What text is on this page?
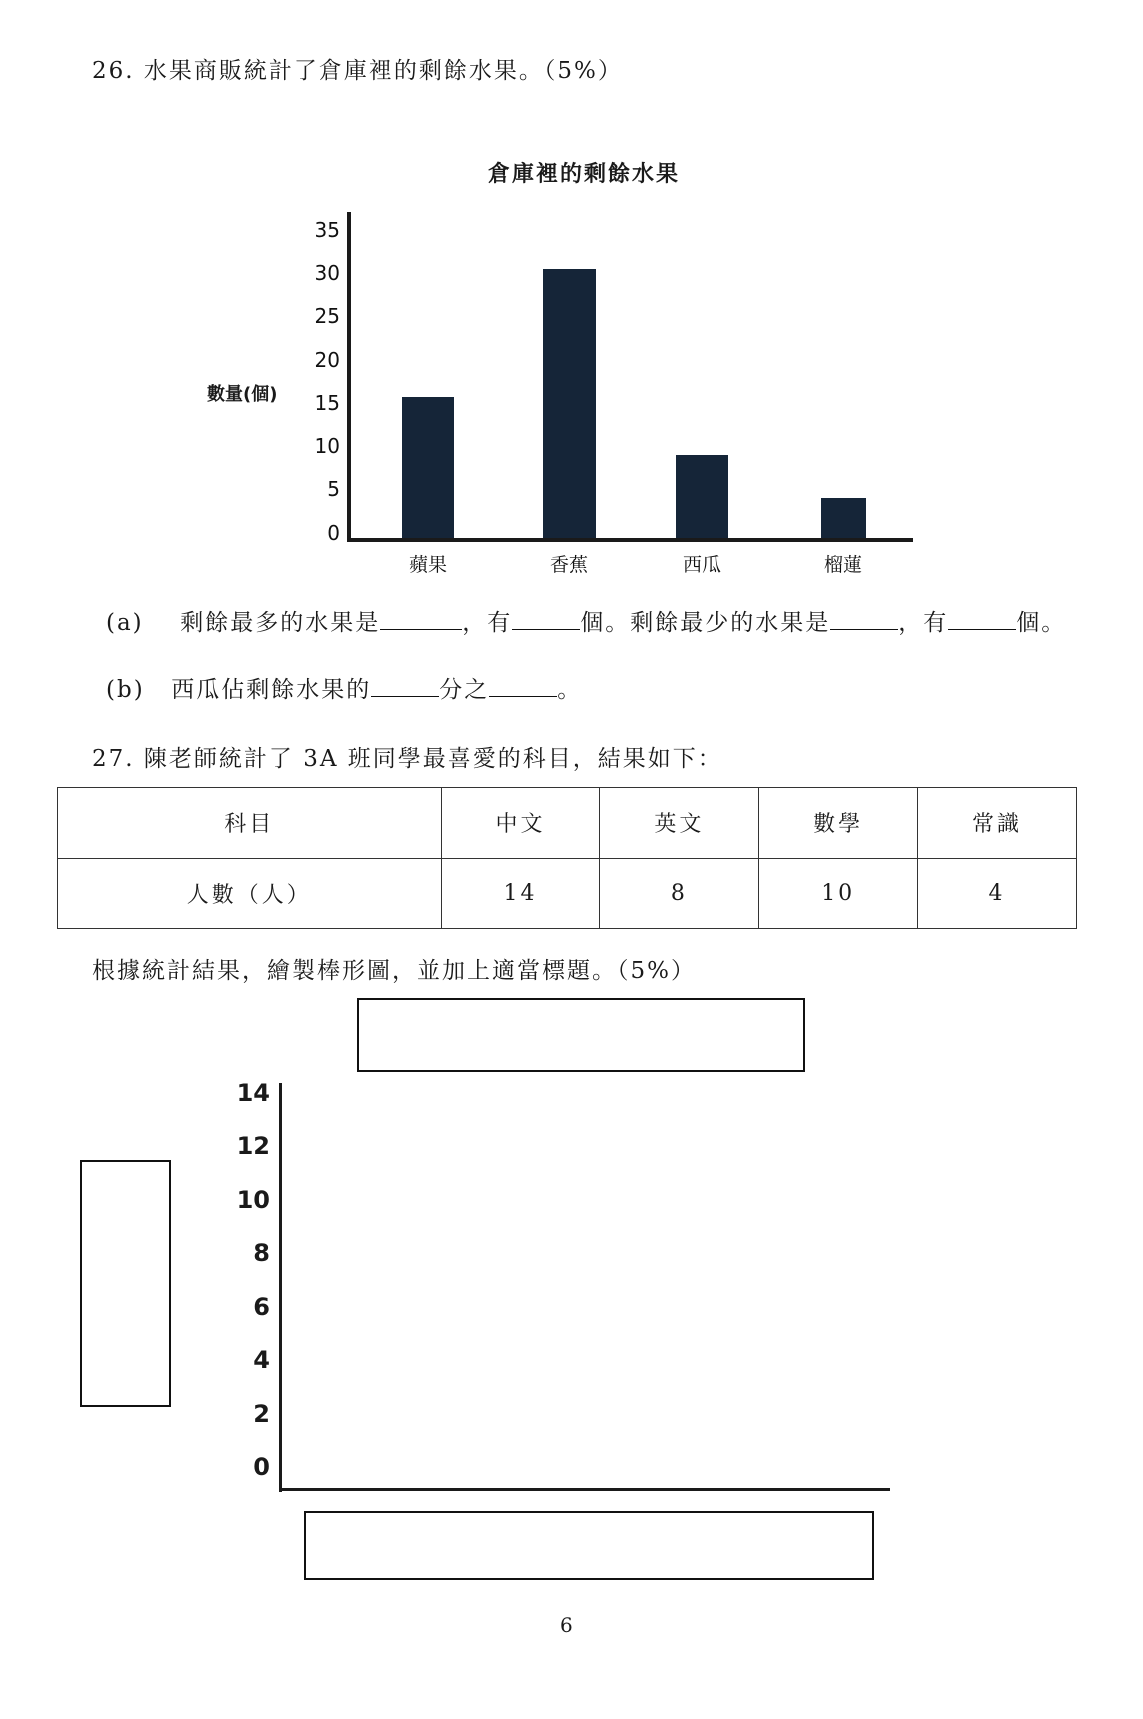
26. 水果商販統計了倉庫裡的剩餘水果。（5%）
倉庫裡的剩餘水果
數量(個)
35
30
25
20
15
10
5
0
蘋果	香蕉	西瓜	榴蓮
(a) 剩餘最多的水果是	，有	個。剩餘最少的水果是	，有	個。
(b) 西瓜佔剩餘水果的	分之	。
27. 陳老師統計了 3A 班同學最喜愛的科目，結果如下：
科目	中文	英文	數學	常識
人數（人）	14	8	10	4
根據統計結果，繪製棒形圖，並加上適當標題。（5%）
14
12
10
8
6
4
2
0
6
